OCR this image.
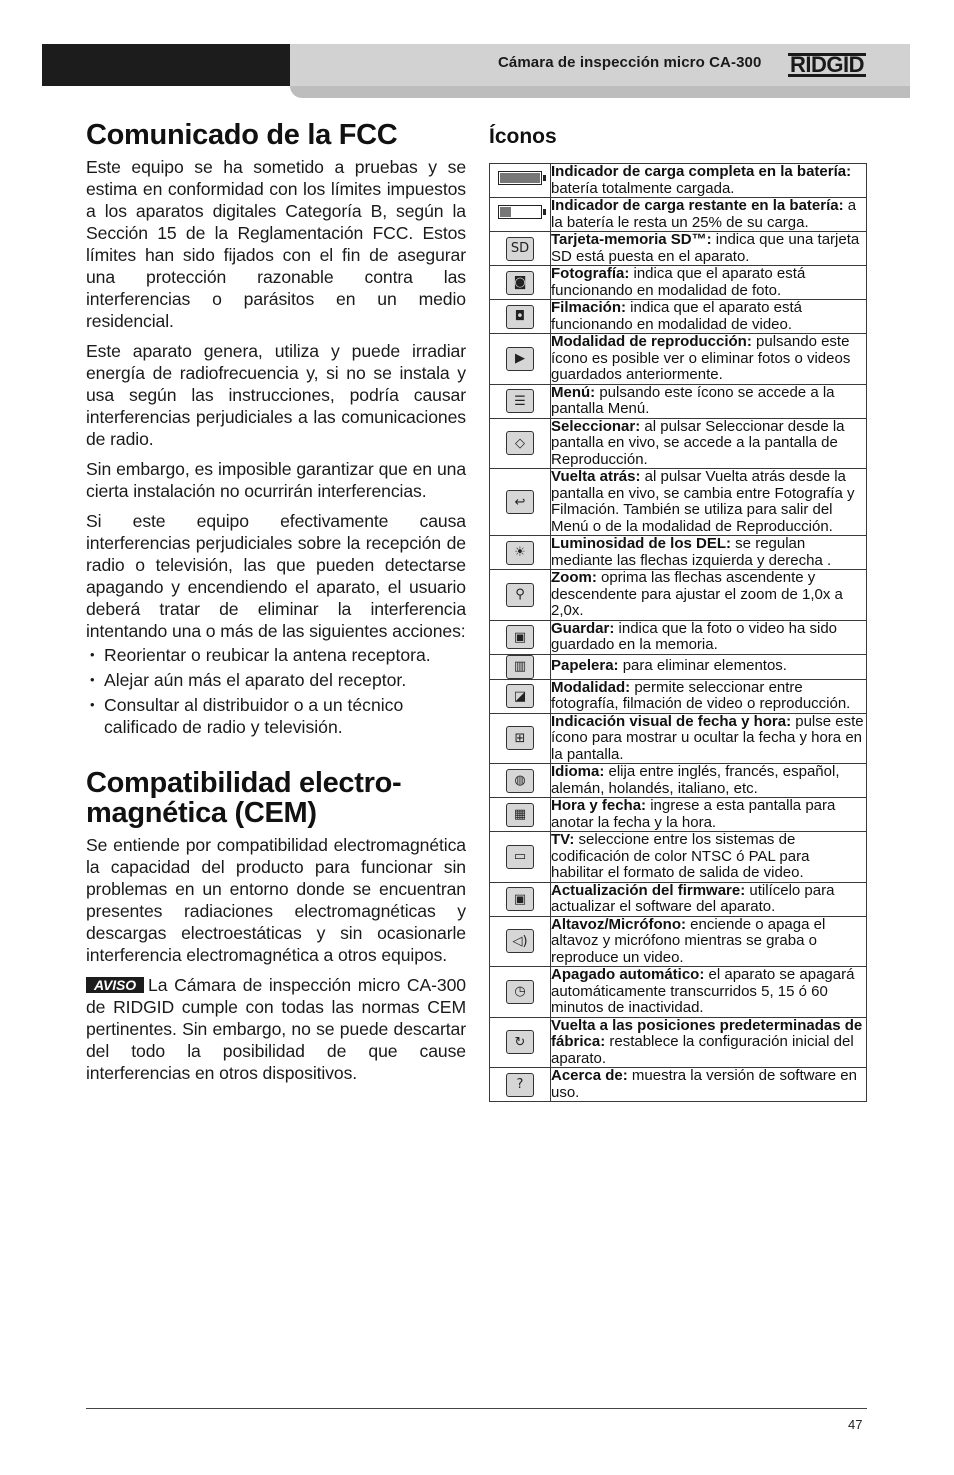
Cámara de inspección micro CA-300 RIDGID
Comunicado de la FCC

Este equipo se ha sometido a pruebas y se estima en conformidad con los límites impuestos a los aparatos digitales Categoría B, según la Sección 15 de la Reglamentación FCC. Estos límites han sido fijados con el fin de asegurar una protección razonable contra las interferencias o parásitos en un medio residencial.

Este aparato genera, utiliza y puede irradiar energía de radiofrecuencia y, si no se instala y usa según las instrucciones, podría causar interferencias perjudiciales a las comunicaciones de radio.

Sin embargo, es imposible garantizar que en una cierta instalación no ocurrirán interferencias.

Si este equipo efectivamente causa interferencias perjudiciales sobre la recepción de radio o televisión, las que pueden detectarse apagando y encendiendo el aparato, el usuario deberá tratar de eliminar la interferencia intentando una o más de las siguientes acciones:

• Reorientar o reubicar la antena receptora.
• Alejar aún más el aparato del receptor.
• Consultar al distribuidor o a un técnico calificado de radio y televisión.
Compatibilidad electro-
magnética (CEM)

Se entiende por compatibilidad electromagnética la capacidad del producto para funcionar sin problemas en un entorno donde se encuentran presentes radiaciones electromagnéticas y descargas electroestáticas y sin ocasionarle interferencia electromagnética a otros equipos.

AVISO La Cámara de inspección micro CA-300 de RIDGID cumple con todas las normas CEM pertinentes. Sin embargo, no se puede descartar del todo la posibilidad de que cause interferencias en otros dispositivos.

Íconos
	Indicador de carga completa en la batería: batería totalmente cargada.

	Indicador de carga restante en la batería: a la batería le resta un 25% de su carga.
SD	Tarjeta-memoria SD™: indica que una tarjeta SD está puesta en el aparato.
◙	Fotografía: indica que el aparato está funcionando en modalidad de foto.
◘	Filmación: indica que el aparato está funcionando en modalidad de video.
▶	Modalidad de reproducción: pulsando este ícono es posible ver o eliminar fotos o videos guardados anteriormente.
☰	Menú: pulsando este ícono se accede a la pantalla Menú.
◇	Seleccionar: al pulsar Seleccionar desde la pantalla en vivo, se accede a la pantalla de Reproducción.
↩	Vuelta atrás: al pulsar Vuelta atrás desde la pantalla en vivo, se cambia entre Fotografía y Filmación. También se utiliza para salir del Menú o de la modalidad de Reproducción.
☀	Luminosidad de los DEL: se regulan mediante las flechas izquierda y derecha .
⚲	Zoom: oprima las flechas ascendente y descendente para ajustar el zoom de 1,0x a 2,0x.
▣	Guardar: indica que la foto o video ha sido guardado en la memoria.
▥	Papelera: para eliminar elementos.
◪	Modalidad: permite seleccionar entre fotografía, filmación de video o reproducción.
⊞	Indicación visual de fecha y hora: pulse este ícono para mostrar u ocultar la fecha y hora en la pantalla.
◍	Idioma: elija entre inglés, francés, español, alemán, holandés, italiano, etc.
▦	Hora y fecha: ingrese a esta pantalla para anotar la fecha y la hora.
▭	TV: seleccione entre los sistemas de codificación de color NTSC ó PAL para habilitar el formato de salida de video.
▣	Actualización del firmware: utilícelo para actualizar el software del aparato.
◁)	Altavoz/Micrófono: enciende o apaga el altavoz y micrófono mientras se graba o reproduce un video.
◷	Apagado automático: el aparato se apagará automáticamente transcurridos 5, 15 ó 60 minutos de inactividad.
↻	Vuelta a las posiciones predeterminadas de fábrica: restablece la configuración inicial del aparato.
?	Acerca de: muestra la versión de software en uso.
47
